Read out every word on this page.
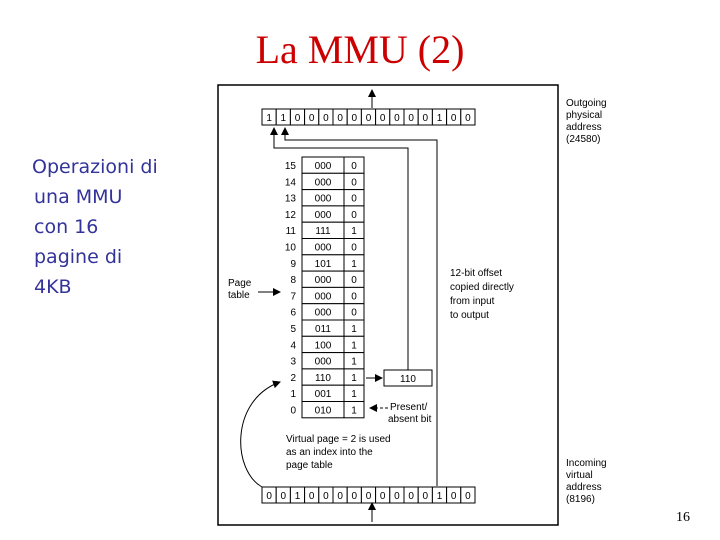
La MMU (2)
Operazioni di
una MMU
con 16
pagine di
4KB
16
1 1 0 0 0 0 0 0 0 0 0 0 1 0 0
0 0 1 0 0 0 0 0 0 0 0 0 1 0 0
15 000 0
14 000 0
13 000 0
12 000 0
11 111 1
10 000 0
9 101 1
8 000 0
7 000 0
6 000 0
5 011 1
4 100 1
3 000 1
2 110 1
1 001 1
0 010 1
110
Outgoing physical address (24580)
Incoming virtual address (8196)
Page table
12-bit offset copied directly from input to output
Present/ absent bit
Virtual page = 2 is used as an index into the page table
